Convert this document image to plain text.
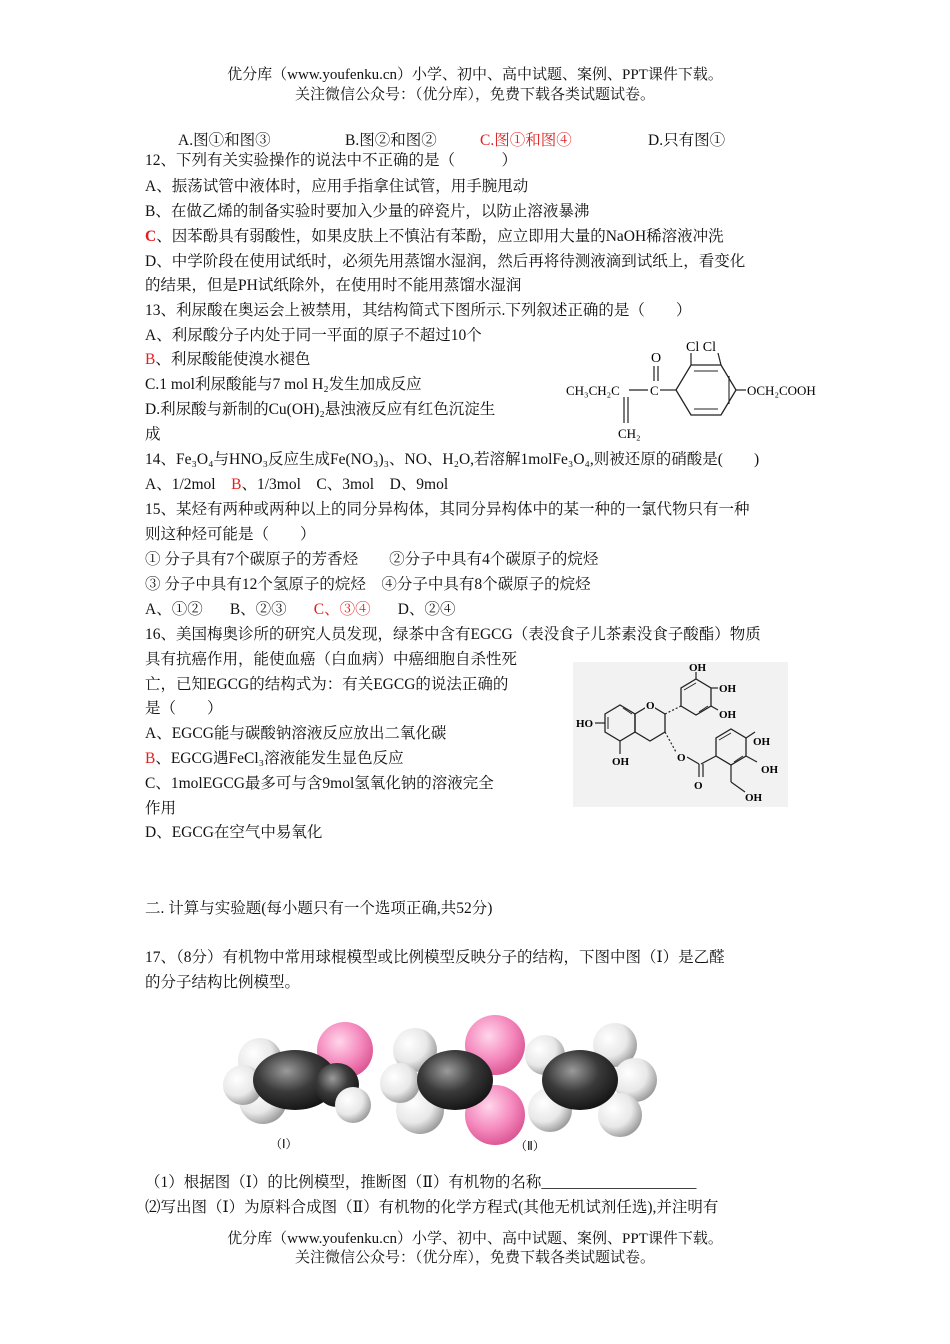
优分库（www.youfenku.cn）小学、初中、高中试题、案例、PPT课件下载。
关注微信公众号：（优分库），免费下载各类试题试卷。
A.图①和图③	B.图②和图②	C.图①和图④	D.只有图①
12、下列有关实验操作的说法中不正确的是（　　　）
A、振荡试管中液体时，应用手指拿住试管，用手腕甩动
B、在做乙烯的制备实验时要加入少量的碎瓷片，以防止溶液暴沸
C、因苯酚具有弱酸性，如果皮肤上不慎沾有苯酚，应立即用大量的NaOH稀溶液冲洗
D、中学阶段在使用试纸时，必须先用蒸馏水湿润，然后再将待测液滴到试纸上，看变化
的结果，但是PH试纸除外，在使用时不能用蒸馏水湿润
13、利尿酸在奥运会上被禁用，其结构简式下图所示.下列叙述正确的是（　　）
A、利尿酸分子内处于同一平面的原子不超过10个
B、利尿酸能使溴水褪色
C.1 mol利尿酸能与7 mol H₂发生加成反应
D.利尿酸与新制的Cu(OH)₂悬浊液反应有红色沉淀生
成
Cl Cl
O
CH₃CH₂C C	OCH₂COOH
CH₂
14、Fe₃O₄与HNO₃反应生成Fe(NO₃)₃、NO、H₂O,若溶解1molFe₃O₄,则被还原的硝酸是(　　)
A、1/2mol B、1/3mol C、3mol D、9mol
15、某烃有两种或两种以上的同分异构体，其同分异构体中的某一种的一氯代物只有一种
则这种烃可能是（　　）
① 分子具有7个碳原子的芳香烃　　②分子中具有4个碳原子的烷烃
③ 分子中具有12个氢原子的烷烃　④分子中具有8个碳原子的烷烃
A、①② B、②③ C、③④ D、②④
16、美国梅奥诊所的研究人员发现，绿茶中含有EGCG（表没食子儿茶素没食子酸酯）物质
具有抗癌作用，能使血癌（白血病）中癌细胞自杀性死
亡，已知EGCG的结构式为：有关EGCG的说法正确的
是（　　）
A、EGCG能与碳酸钠溶液反应放出二氧化碳
B、EGCG遇FeCl₃溶液能发生显色反应
C、1molEGCG最多可与含9mol氢氧化钠的溶液完全
作用
D、EGCG在空气中易氧化
O
HO
OH
OH
OH
OH
O
O
OH
OH
OH
二. 计算与实验题(每小题只有一个选项正确,共52分)
17、（8分）有机物中常用球棍模型或比例模型反映分子的结构，下图中图（Ⅰ）是乙醛
的分子结构比例模型。
（Ⅰ）	（Ⅱ）
（1）根据图（Ⅰ）的比例模型，推断图（Ⅱ）有机物的名称____________________
⑵写出图（Ⅰ）为原料合成图（Ⅱ）有机物的化学方程式(其他无机试剂任选),并注明有
优分库（www.youfenku.cn）小学、初中、高中试题、案例、PPT课件下载。
关注微信公众号：（优分库），免费下载各类试题试卷。
